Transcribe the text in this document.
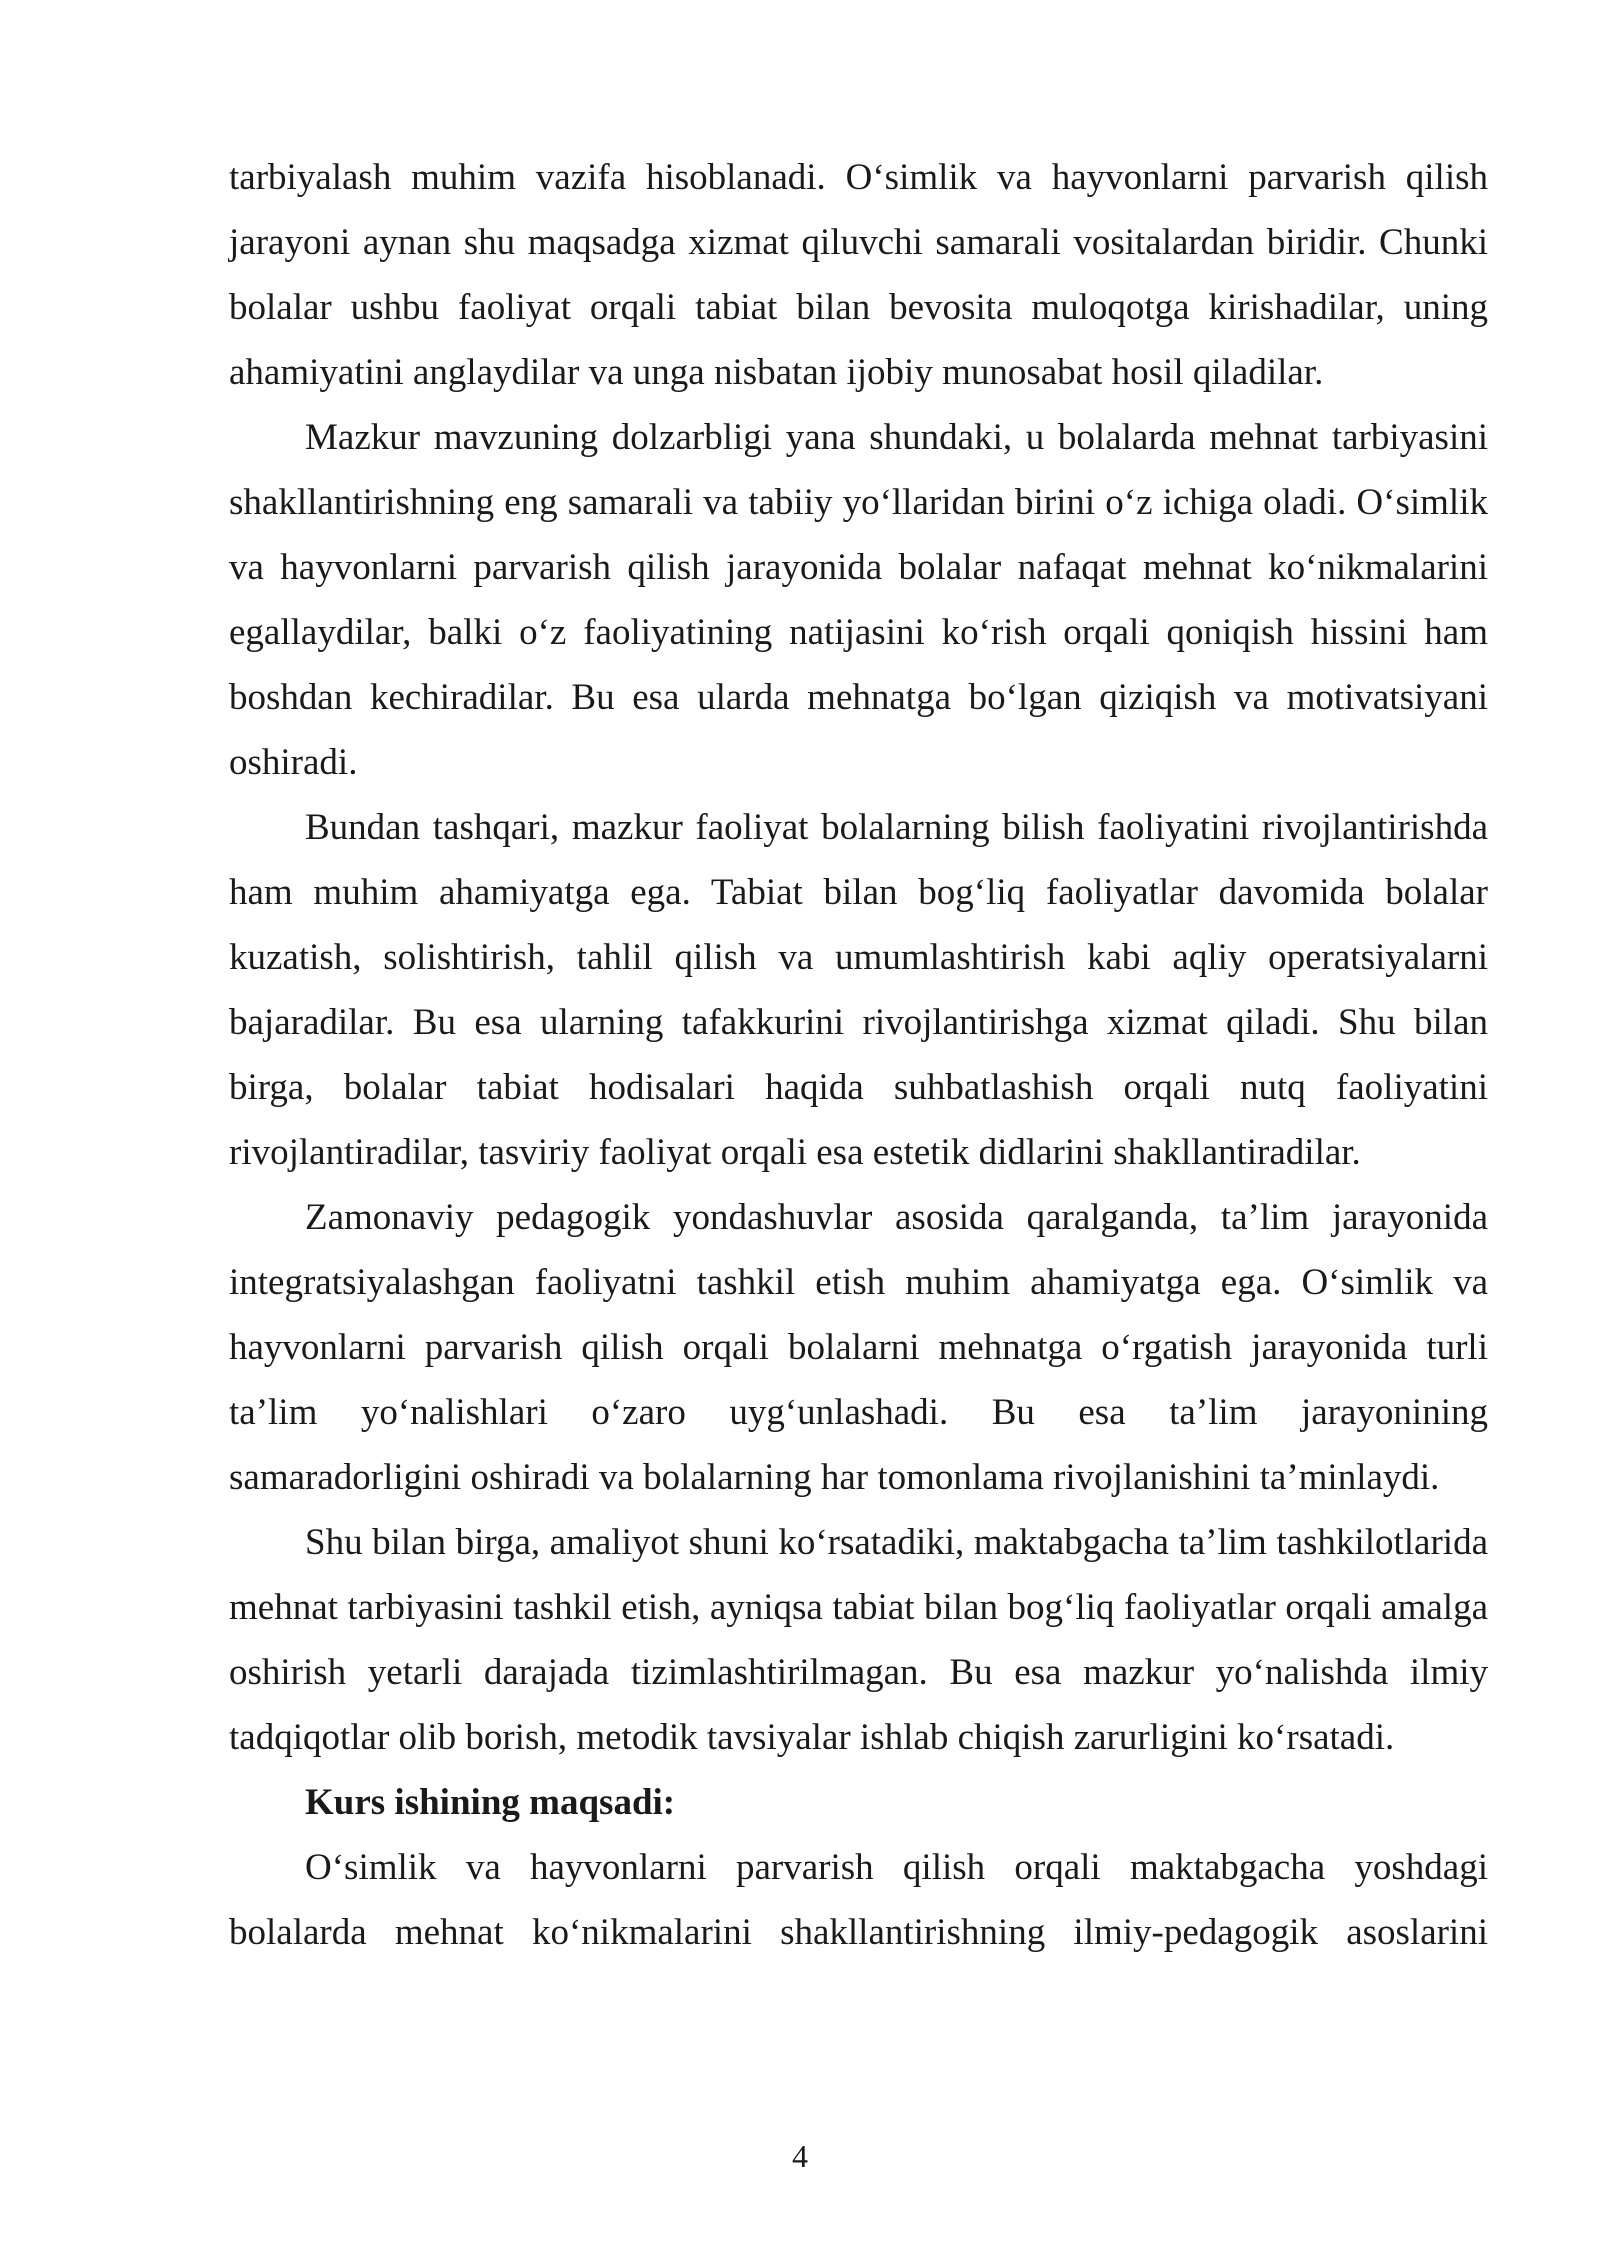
tarbiyalash muhim vazifa hisoblanadi. O‘simlik va hayvonlarni parvarish qilish jarayoni aynan shu maqsadga xizmat qiluvchi samarali vositalardan biridir. Chunki bolalar ushbu faoliyat orqali tabiat bilan bevosita muloqotga kirishadilar, uning ahamiyatini anglaydilar va unga nisbatan ijobiy munosabat hosil qiladilar.

Mazkur mavzuning dolzarbligi yana shundaki, u bolalarda mehnat tarbiyasini shakllantirishning eng samarali va tabiiy yo‘llaridan birini o‘z ichiga oladi. O‘simlik va hayvonlarni parvarish qilish jarayonida bolalar nafaqat mehnat ko‘nikmalarini egallaydilar, balki o‘z faoliyatining natijasini ko‘rish orqali qoniqish hissini ham boshdan kechiradilar. Bu esa ularda mehnatga bo‘lgan qiziqish va motivatsiyani oshiradi.

Bundan tashqari, mazkur faoliyat bolalarning bilish faoliyatini rivojlantirishda ham muhim ahamiyatga ega. Tabiat bilan bog‘liq faoliyatlar davomida bolalar kuzatish, solishtirish, tahlil qilish va umumlashtirish kabi aqliy operatsiyalarni bajaradilar. Bu esa ularning tafakkurini rivojlantirishga xizmat qiladi. Shu bilan birga, bolalar tabiat hodisalari haqida suhbatlashish orqali nutq faoliyatini rivojlantiradilar, tasviriy faoliyat orqali esa estetik didlarini shakllantiradilar.

Zamonaviy pedagogik yondashuvlar asosida qaralganda, ta’lim jarayonida integratsiyalashgan faoliyatni tashkil etish muhim ahamiyatga ega. O‘simlik va hayvonlarni parvarish qilish orqali bolalarni mehnatga o‘rgatish jarayonida turli ta’lim yo‘nalishlari o‘zaro uyg‘unlashadi. Bu esa ta’lim jarayonining samaradorligini oshiradi va bolalarning har tomonlama rivojlanishini ta’minlaydi.

Shu bilan birga, amaliyot shuni ko‘rsatadiki, maktabgacha ta’lim tashkilotlarida mehnat tarbiyasini tashkil etish, ayniqsa tabiat bilan bog‘liq faoliyatlar orqali amalga oshirish yetarli darajada tizimlashtirilmagan. Bu esa mazkur yo‘nalishda ilmiy tadqiqotlar olib borish, metodik tavsiyalar ishlab chiqish zarurligini ko‘rsatadi.

Kurs ishining maqsadi:

O‘simlik va hayvonlarni parvarish qilish orqali maktabgacha yoshdagi bolalarda mehnat ko‘nikmalarini shakllantirishning ilmiy-pedagogik asoslarini

4
